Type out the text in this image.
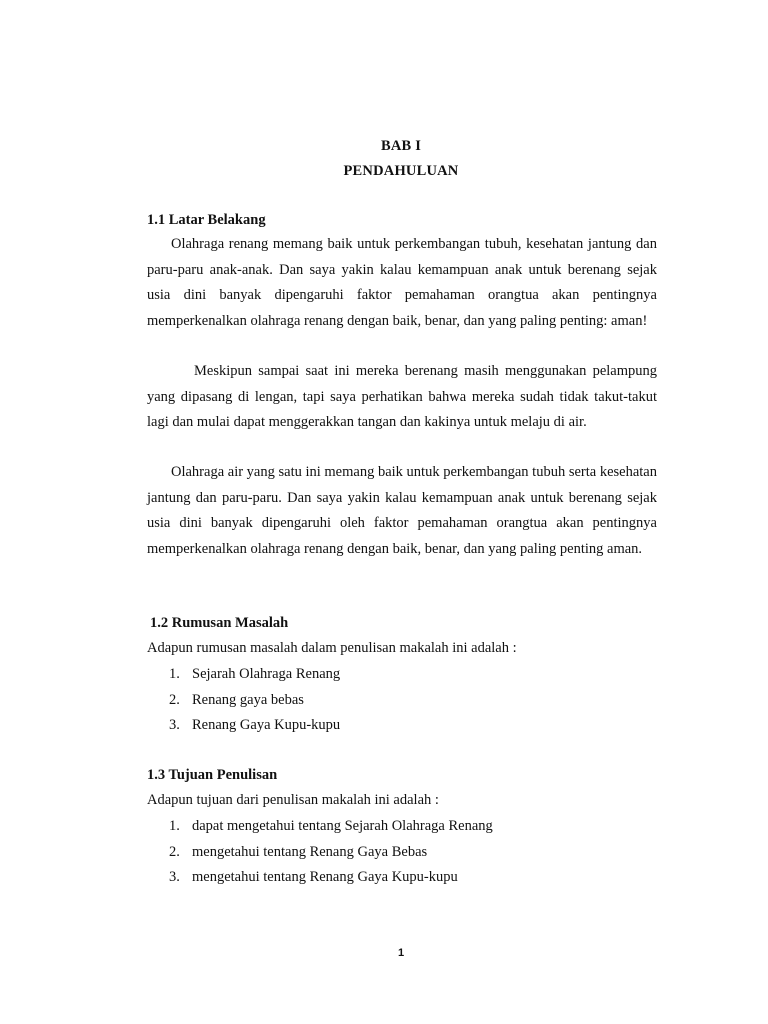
BAB I
PENDAHULUAN
1.1 Latar Belakang

Olahraga renang memang baik untuk perkembangan tubuh, kesehatan jantung dan paru-paru anak-anak. Dan saya yakin kalau kemampuan anak untuk berenang sejak usia dini banyak dipengaruhi faktor pemahaman orangtua akan pentingnya memperkenalkan olahraga renang dengan baik, benar, dan yang paling penting: aman!

Meskipun sampai saat ini mereka berenang masih menggunakan pelampung yang dipasang di lengan, tapi saya perhatikan bahwa mereka sudah tidak takut-takut lagi dan mulai dapat menggerakkan tangan dan kakinya untuk melaju di air.

Olahraga air yang satu ini memang baik untuk perkembangan tubuh serta kesehatan jantung dan paru-paru. Dan saya yakin kalau kemampuan anak untuk berenang sejak usia dini banyak dipengaruhi oleh faktor pemahaman orangtua akan pentingnya memperkenalkan olahraga renang dengan baik, benar, dan yang paling penting aman.

1.2 Rumusan Masalah
Adapun rumusan masalah dalam penulisan makalah ini adalah :
1. Sejarah Olahraga Renang
2. Renang gaya bebas
3. Renang Gaya Kupu-kupu
1.3 Tujuan Penulisan
Adapun tujuan dari penulisan makalah ini adalah :
1. dapat mengetahui tentang Sejarah Olahraga Renang
2. mengetahui tentang Renang Gaya Bebas
3. mengetahui tentang Renang Gaya Kupu-kupu
1
